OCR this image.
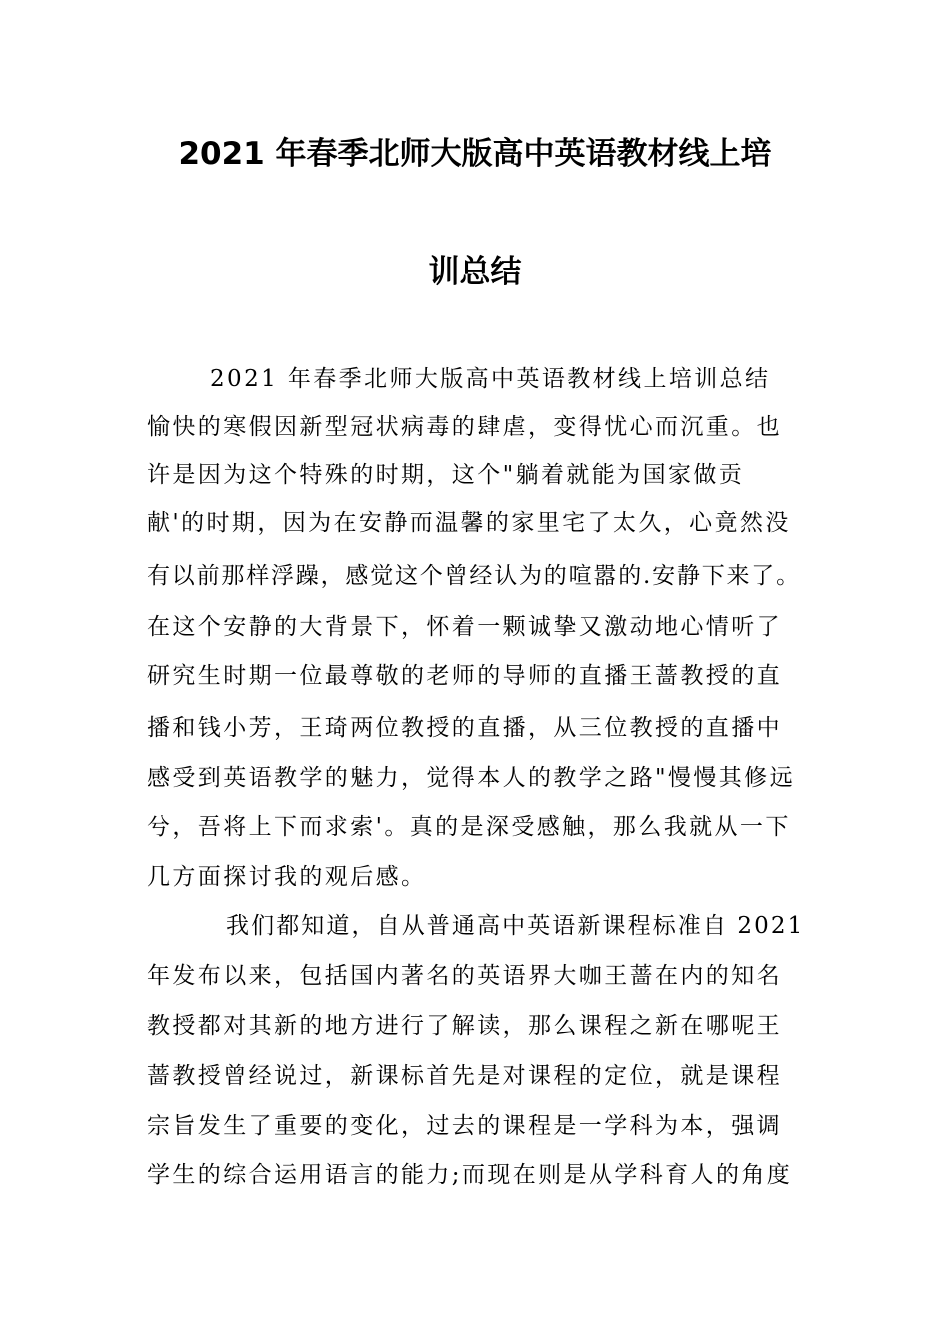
2021 年春季北师大版高中英语教材线上培
训总结
2021 年春季北师大版高中英语教材线上培训总结
愉快的寒假因新型冠状病毒的肆虐，变得忧心而沉重。也
许是因为这个特殊的时期，这个"躺着就能为国家做贡
献'的时期，因为在安静而温馨的家里宅了太久，心竟然没
有以前那样浮躁，感觉这个曾经认为的喧嚣的.安静下来了。
在这个安静的大背景下，怀着一颗诚挚又激动地心情听了
研究生时期一位最尊敬的老师的导师的直播王蔷教授的直
播和钱小芳，王琦两位教授的直播，从三位教授的直播中
感受到英语教学的魅力，觉得本人的教学之路"慢慢其修远
兮，吾将上下而求索'。真的是深受感触，那么我就从一下
几方面探讨我的观后感。
我们都知道，自从普通高中英语新课程标准自 2021
年发布以来，包括国内著名的英语界大咖王蔷在内的知名
教授都对其新的地方进行了解读，那么课程之新在哪呢王
蔷教授曾经说过，新课标首先是对课程的定位，就是课程
宗旨发生了重要的变化，过去的课程是一学科为本，强调
学生的综合运用语言的能力;而现在则是从学科育人的角度
